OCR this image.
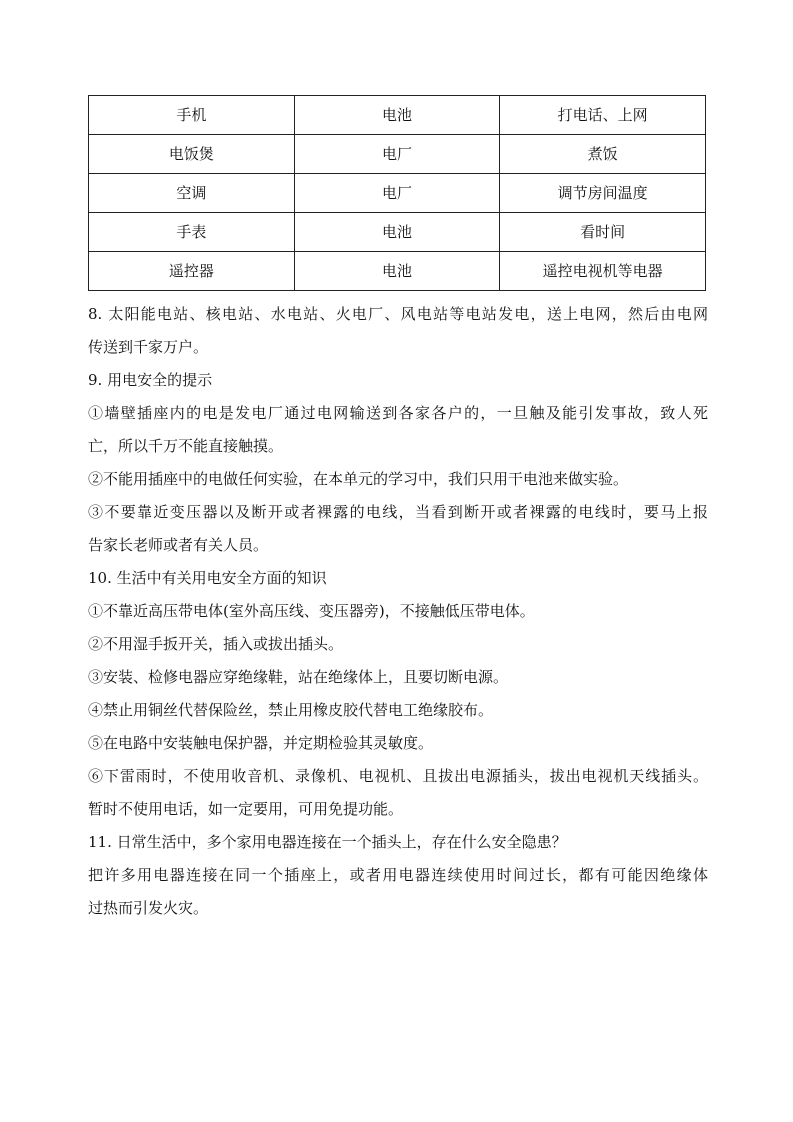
手机	电池	打电话、上网
电饭煲	电厂	煮饭
空调	电厂	调节房间温度
手表	电池	看时间
遥控器	电池	遥控电视机等电器
8. 太阳能电站、核电站、水电站、火电厂、风电站等电站发电，送上电网，然后由电网
传送到千家万户。
9. 用电安全的提示
①墙壁插座内的电是发电厂通过电网输送到各家各户的，一旦触及能引发事故，致人死
亡，所以千万不能直接触摸。
②不能用插座中的电做任何实验，在本单元的学习中，我们只用干电池来做实验。
③不要靠近变压器以及断开或者裸露的电线，当看到断开或者裸露的电线时，要马上报
告家长老师或者有关人员。
10. 生活中有关用电安全方面的知识
①不靠近高压带电体(室外高压线、变压器旁)，不接触低压带电体。
②不用湿手扳开关，插入或拔出插头。
③安装、检修电器应穿绝缘鞋，站在绝缘体上，且要切断电源。
④禁止用铜丝代替保险丝，禁止用橡皮胶代替电工绝缘胶布。
⑤在电路中安装触电保护器，并定期检验其灵敏度。
⑥下雷雨时，不使用收音机、录像机、电视机、且拔出电源插头，拔出电视机天线插头。
暂时不使用电话，如一定要用，可用免提功能。
11. 日常生活中，多个家用电器连接在一个插头上，存在什么安全隐患？
把许多用电器连接在同一个插座上，或者用电器连续使用时间过长，都有可能因绝缘体
过热而引发火灾。
